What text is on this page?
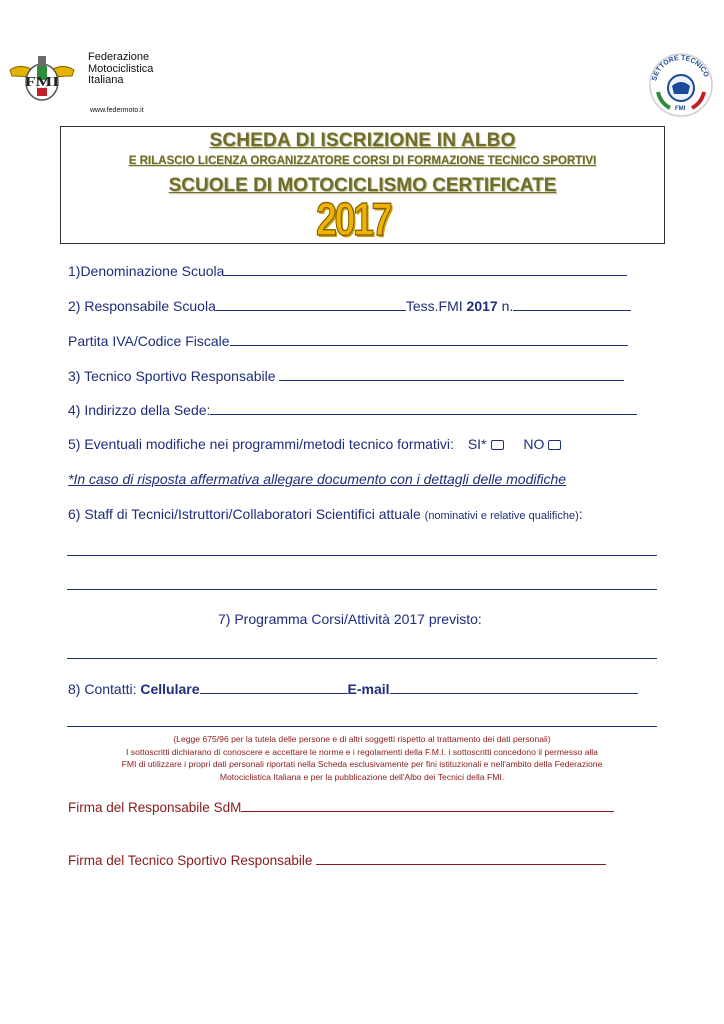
FMI
Federazione
Motociclistica
Italiana
www.federmoto.it
SETTORE TECNICO
FMI
SCHEDA DI ISCRIZIONE IN ALBO
E RILASCIO LICENZA ORGANIZZATORE CORSI DI FORMAZIONE TECNICO SPORTIVI
SCUOLE DI MOTOCICLISMO CERTIFICATE
2017
1)Denominazione Scuola
2) Responsabile Scuola	Tess.FMI 2017 n.
Partita IVA/Codice Fiscale
3) Tecnico Sportivo Responsabile
4) Indirizzo della Sede:
5) Eventuali modifiche nei programmi/metodi tecnico formativi: SI*	NO
*In caso di risposta affermativa allegare documento con i dettagli delle modifiche
6) Staff di Tecnici/Istruttori/Collaboratori Scientifici attuale (nominativi e relative qualifiche):
7) Programma Corsi/Attività 2017 previsto:
8) Contatti: Cellulare	E-mail
(Legge 675/96 per la tutela delle persone e di altri soggetti rispetto al trattamento dei dati personali)
I sottoscritti dichiarano di conoscere e accettare le norme e i regolamenti della F.M.I. i sottoscritti concedono il permesso alla
FMI di utilizzare i propri dati personali riportati nella Scheda esclusivamente per fini istituzionali e nell'ambito della Federazione
Motociclistica Italiana e per la pubblicazione dell'Albo dei Tecnici della FMI.
Firma del Responsabile SdM
Firma del Tecnico Sportivo Responsabile
